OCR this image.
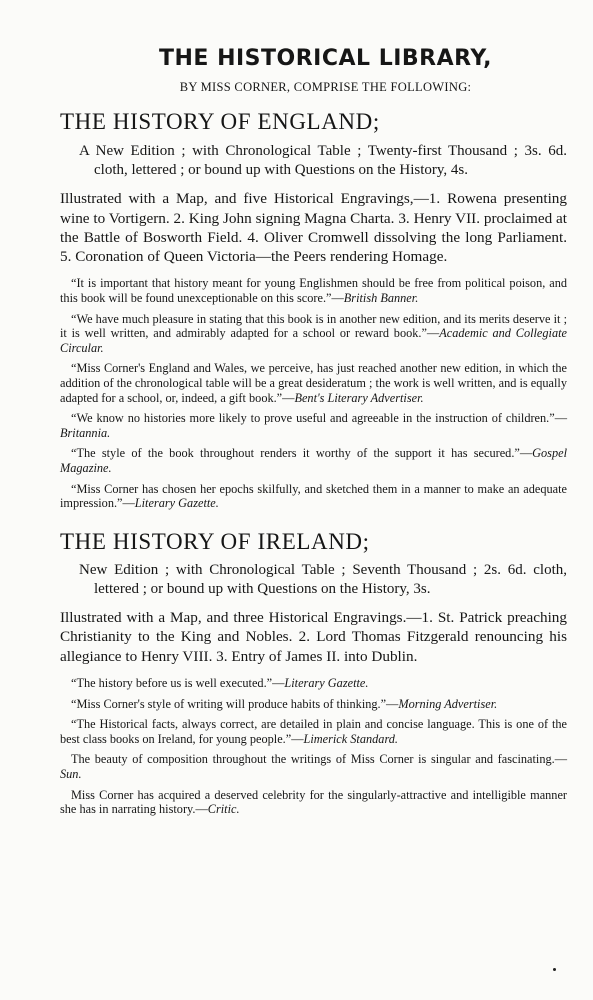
THE HISTORICAL LIBRARY,
BY MISS CORNER, COMPRISE THE FOLLOWING:
THE HISTORY OF ENGLAND;

A New Edition ; with Chronological Table ; Twenty-first Thousand ; 3s. 6d. cloth, lettered ; or bound up with Questions on the History, 4s.

Illustrated with a Map, and five Historical Engravings,—1. Rowena presenting wine to Vortigern. 2. King John signing Magna Charta. 3. Henry VII. proclaimed at the Battle of Bosworth Field. 4. Oliver Cromwell dissolving the long Parliament. 5. Coronation of Queen Victoria—the Peers rendering Homage.

“It is important that history meant for young Englishmen should be free from political poison, and this book will be found unexceptionable on this score.”—British Banner.

“We have much pleasure in stating that this book is in another new edition, and its merits deserve it ; it is well written, and admirably adapted for a school or reward book.”—Academic and Collegiate Circular.

“Miss Corner's England and Wales, we perceive, has just reached another new edition, in which the addition of the chronological table will be a great desideratum ; the work is well written, and is equally adapted for a school, or, indeed, a gift book.”—Bent's Literary Advertiser.

“We know no histories more likely to prove useful and agreeable in the instruction of children.”—Britannia.

“The style of the book throughout renders it worthy of the support it has secured.”—Gospel Magazine.

“Miss Corner has chosen her epochs skilfully, and sketched them in a manner to make an adequate impression.”—Literary Gazette.

THE HISTORY OF IRELAND;

New Edition ; with Chronological Table ; Seventh Thousand ; 2s. 6d. cloth, lettered ; or bound up with Questions on the History, 3s.

Illustrated with a Map, and three Historical Engravings.—1. St. Patrick preaching Christianity to the King and Nobles. 2. Lord Thomas Fitzgerald renouncing his allegiance to Henry VIII. 3. Entry of James II. into Dublin.

“The history before us is well executed.”—Literary Gazette.

“Miss Corner's style of writing will produce habits of thinking.”—Morning Advertiser.

“The Historical facts, always correct, are detailed in plain and concise language. This is one of the best class books on Ireland, for young people.”—Limerick Standard.

The beauty of composition throughout the writings of Miss Corner is singular and fascinating.—Sun.

Miss Corner has acquired a deserved celebrity for the singularly-attractive and intelligible manner she has in narrating history.—Critic.
